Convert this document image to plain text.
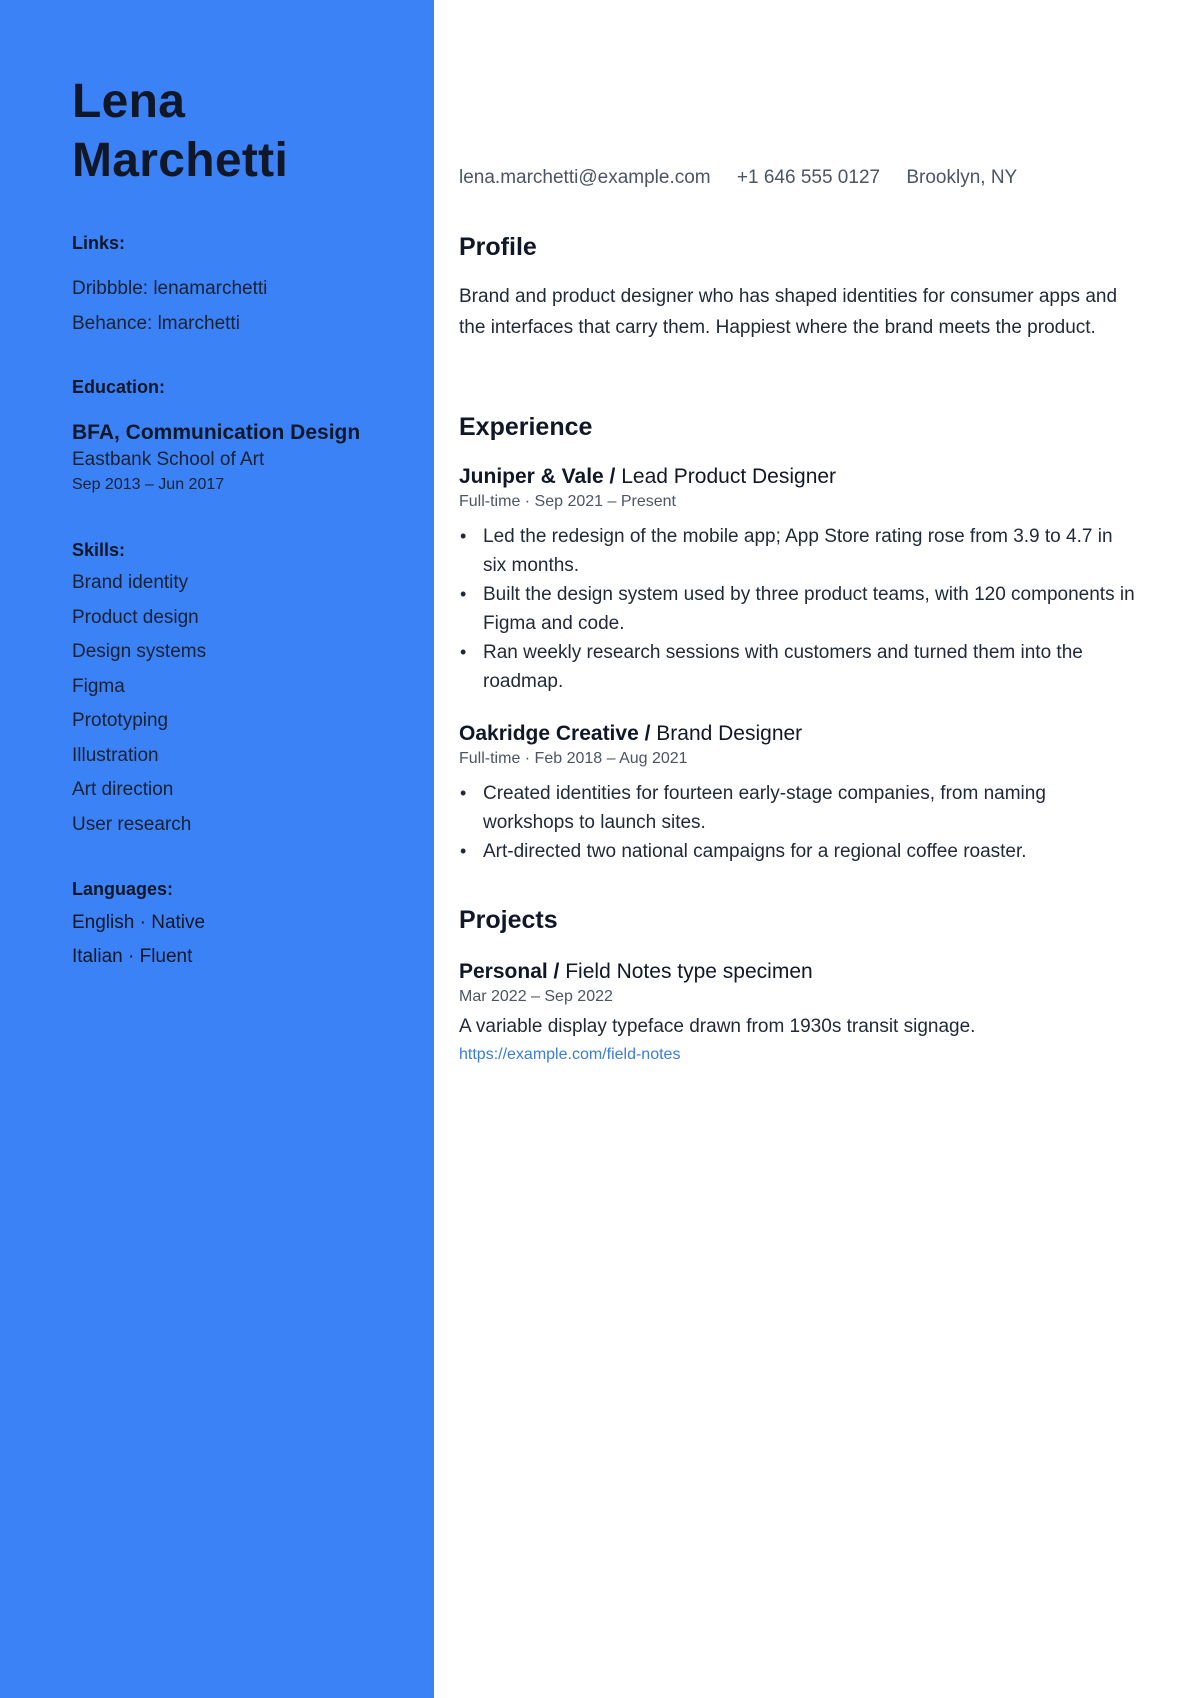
Lena
Marchetti
Links:
Dribbble: lenamarchetti
Behance: lmarchetti
Education:
BFA, Communication Design
Eastbank School of Art
Sep 2013 – Jun 2017
Skills:
Brand identity
Product design
Design systems
Figma
Prototyping
Illustration
Art direction
User research
Languages:
English · Native
Italian · Fluent
lena.marchetti@example.com +1 646 555 0127 Brooklyn, NY
Profile
Brand and product designer who has shaped identities for consumer apps and the interfaces that carry them. Happiest where the brand meets the product.
Experience
Juniper & Vale / Lead Product Designer
Full-time · Sep 2021 – Present
• Led the redesign of the mobile app; App Store rating rose from 3.9 to 4.7 in six months.
• Built the design system used by three product teams, with 120 components in Figma and code.
• Ran weekly research sessions with customers and turned them into the roadmap.
Oakridge Creative / Brand Designer
Full-time · Feb 2018 – Aug 2021
• Created identities for fourteen early-stage companies, from naming workshops to launch sites.
• Art-directed two national campaigns for a regional coffee roaster.
Projects
Personal / Field Notes type specimen
Mar 2022 – Sep 2022
A variable display typeface drawn from 1930s transit signage.
https://example.com/field-notes
